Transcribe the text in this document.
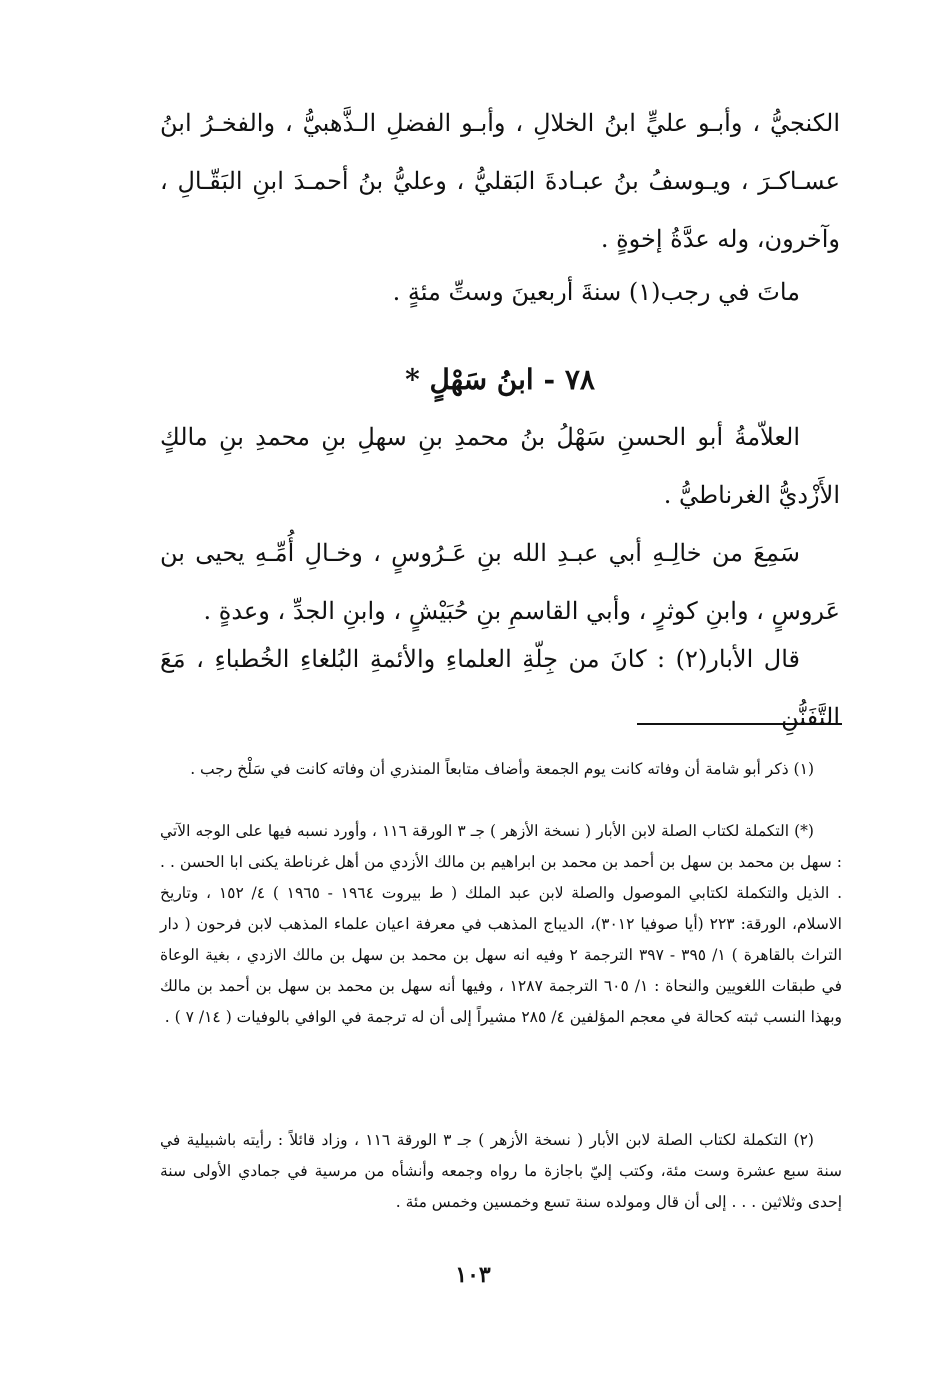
الكنجيُّ ، وأبـو عليٍّ ابنُ الخلالِ ، وأبـو الفضلِ الـذَّهبيُّ ، والفخـرُ ابنُ عسـاكـرَ ، ويـوسفُ بنُ عبـادةَ البَقليُّ ، وعليُّ بنُ أحمـدَ ابنِ البَقّـالِ ، وآخرون، وله عدَّةُ إخوةٍ .

ماتَ في رجب(١) سنةَ أربعينَ وستِّ مئةٍ .

٧٨ - ابنُ سَهْلٍ *

العلاّمةُ أبو الحسنِ سَهْلُ بنُ محمدِ بنِ سهلِ بنِ محمدِ بنِ مالكٍ الأَزْديُّ الغرناطيُّ .

سَمِعَ من خالِـهِ أبي عبـدِ الله بنِ عَـرُوسٍ ، وخـالِ أُمِّـهِ يحيى بن عَروسٍ ، وابنِ كوثرٍ ، وأبي القاسمِ بنِ حُبَيْشٍ ، وابنِ الجدِّ ، وعدةٍ .

قال الأبار(٢) : كانَ من جِلّةِ العلماءِ والأئمةِ البُلغاءِ الخُطباءِ ، مَعَ التَّفَنُّنِ

(١) ذكر أبو شامة أن وفاته كانت يوم الجمعة وأضاف متابعاً المنذري أن وفاته كانت في سَلْخ رجب .

(*) التكملة لكتاب الصلة لابن الأبار ( نسخة الأزهر ) جـ ٣ الورقة ١١٦ ، وأورد نسبه فيها على الوجه الآتي : سهل بن محمد بن سهل بن أحمد بن محمد بن ابراهيم بن مالك الأزدي من أهل غرناطة يكنى ابا الحسن . . . الذيل والتكملة لكتابي الموصول والصلة لابن عبد الملك ( ط بيروت ١٩٦٤ - ١٩٦٥ ) ٤/ ١٥٢ ، وتاريخ الاسلام، الورقة: ٢٢٣ (أيا صوفيا ٣٠١٢)، الديباج المذهب في معرفة اعيان علماء المذهب لابن فرحون ( دار التراث بالقاهرة ) ١/ ٣٩٥ - ٣٩٧ الترجمة ٢ وفيه انه سهل بن محمد بن سهل بن مالك الازدي ، بغية الوعاة في طبقات اللغويين والنحاة : ١/ ٦٠٥ الترجمة ١٢٨٧ ، وفيها أنه سهل بن محمد بن سهل بن أحمد بن مالك وبهذا النسب ثبته كحالة في معجم المؤلفين ٤/ ٢٨٥ مشيراً إلى أن له ترجمة في الوافي بالوفيات ( ١٤/ ٧ ) .

(٢) التكملة لكتاب الصلة لابن الأبار ( نسخة الأزهر ) جـ ٣ الورقة ١١٦ ، وزاد قائلاً : رأيته باشبيلية في سنة سبع عشرة وست مئة، وكتب إليّ باجازة ما رواه وجمعه وأنشأه من مرسية في جمادي الأولى سنة إحدى وثلاثين . . . إلى أن قال ومولده سنة تسع وخمسين وخمس مئة .

١٠٣
